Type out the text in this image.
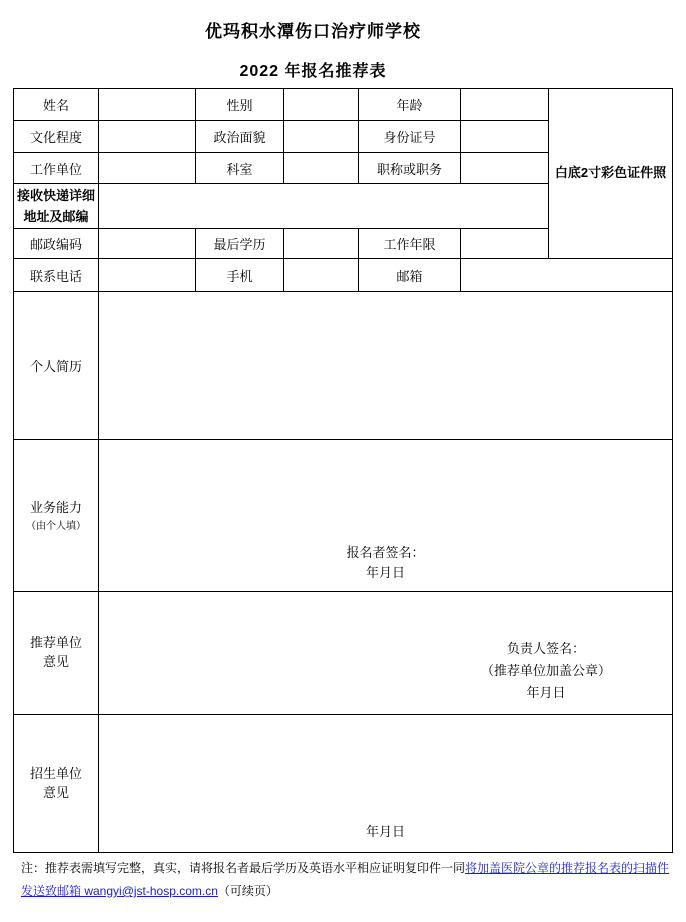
优玛积水潭伤口治疗师学校
2022 年报名推荐表
姓名		性别		年龄		白底2寸彩色证件照
文化程度		政治面貌		身份证号		
工作单位		科室		职称或职务		
接收快递详细
地址及邮编						
邮政编码		最后学历		工作年限		
联系电话		手机		邮箱		
个人简历						
业务能力
（由个人填）

报名者签名：
年月日

推荐单位
意见	
负责人签名：
（推荐单位加盖公章）
年月日

招生单位
意见	年月日					
注：推荐表需填写完整，真实，请将报名者最后学历及英语水平相应证明复印件一同将加盖医院公章的推荐报名表的扫描件
发送致邮箱 wangyi@jst-hosp.com.cn（可续页）
